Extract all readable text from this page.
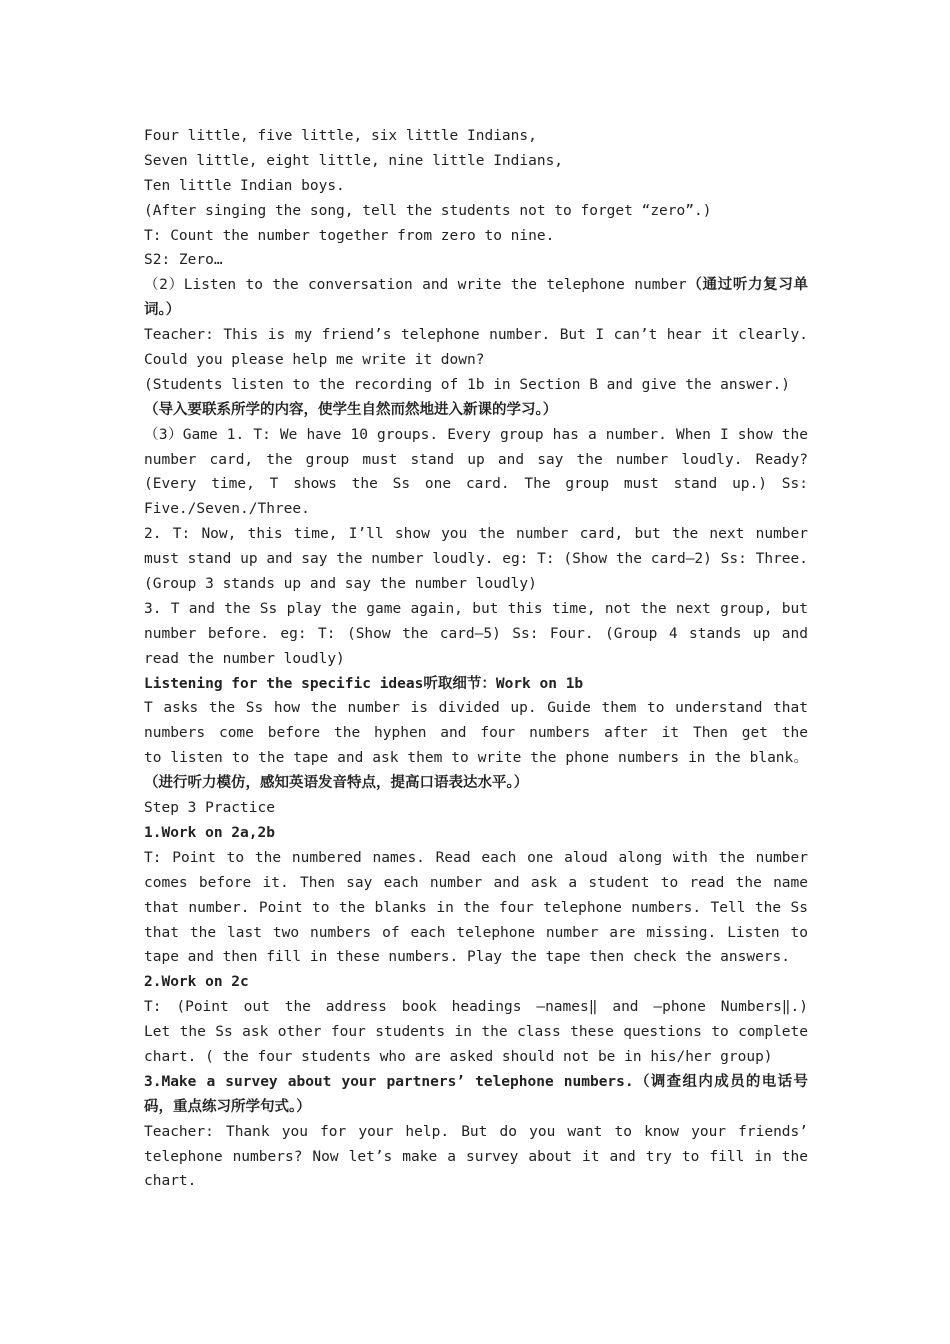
Four little, five little, six little Indians,
Seven little, eight little, nine little Indians,
Ten little Indian boys.
(After singing the song, tell the students not to forget “zero”.)
T: Count the number together from zero to nine.
S2: Zero…
（2）Listen to the conversation and write the telephone number（通过听力复习单
词。）
Teacher: This is my friend’s telephone number. But I can’t hear it clearly.
Could you please help me write it down?
(Students listen to the recording of 1b in Section B and give the answer.)
（导入要联系所学的内容，使学生自然而然地进入新课的学习。）
（3）Game 1. T: We have 10 groups. Every group has a number. When I show the
number card, the group must stand up and say the number loudly. Ready?
(Every time, T shows the Ss one card. The group must stand up.) Ss:
Five./Seven./Three.
2. T: Now, this time, I’ll show you the number card, but the next number
must stand up and say the number loudly. eg: T: (Show the card—2) Ss: Three.
(Group 3 stands up and say the number loudly)
3. T and the Ss play the game again, but this time, not the next group, but
number before. eg: T: (Show the card—5) Ss: Four. (Group 4 stands up and
read the number loudly)
Listening for the specific ideas听取细节：Work on 1b
T asks the Ss how the number is divided up. Guide them to understand that
numbers come before the hyphen and four numbers after it Then get the
to listen to the tape and ask them to write the phone numbers in the blank。
（进行听力模仿，感知英语发音特点，提高口语表达水平。）
Step 3 Practice
1.Work on 2a,2b
T: Point to the numbered names. Read each one aloud along with the number
comes before it. Then say each number and ask a student to read the name
that number. Point to the blanks in the four telephone numbers. Tell the Ss
that the last two numbers of each telephone number are missing. Listen to
tape and then fill in these numbers. Play the tape then check the answers.
2.Work on 2c
T: (Point out the address book headings ―names‖ and ―phone Numbers‖.)
Let the Ss ask other four students in the class these questions to complete
chart. ( the four students who are asked should not be in his/her group)
3.Make a survey about your partners’ telephone numbers.（调查组内成员的电话号
码，重点练习所学句式。）
Teacher: Thank you for your help. But do you want to know your friends’
telephone numbers? Now let’s make a survey about it and try to fill in the
chart.
